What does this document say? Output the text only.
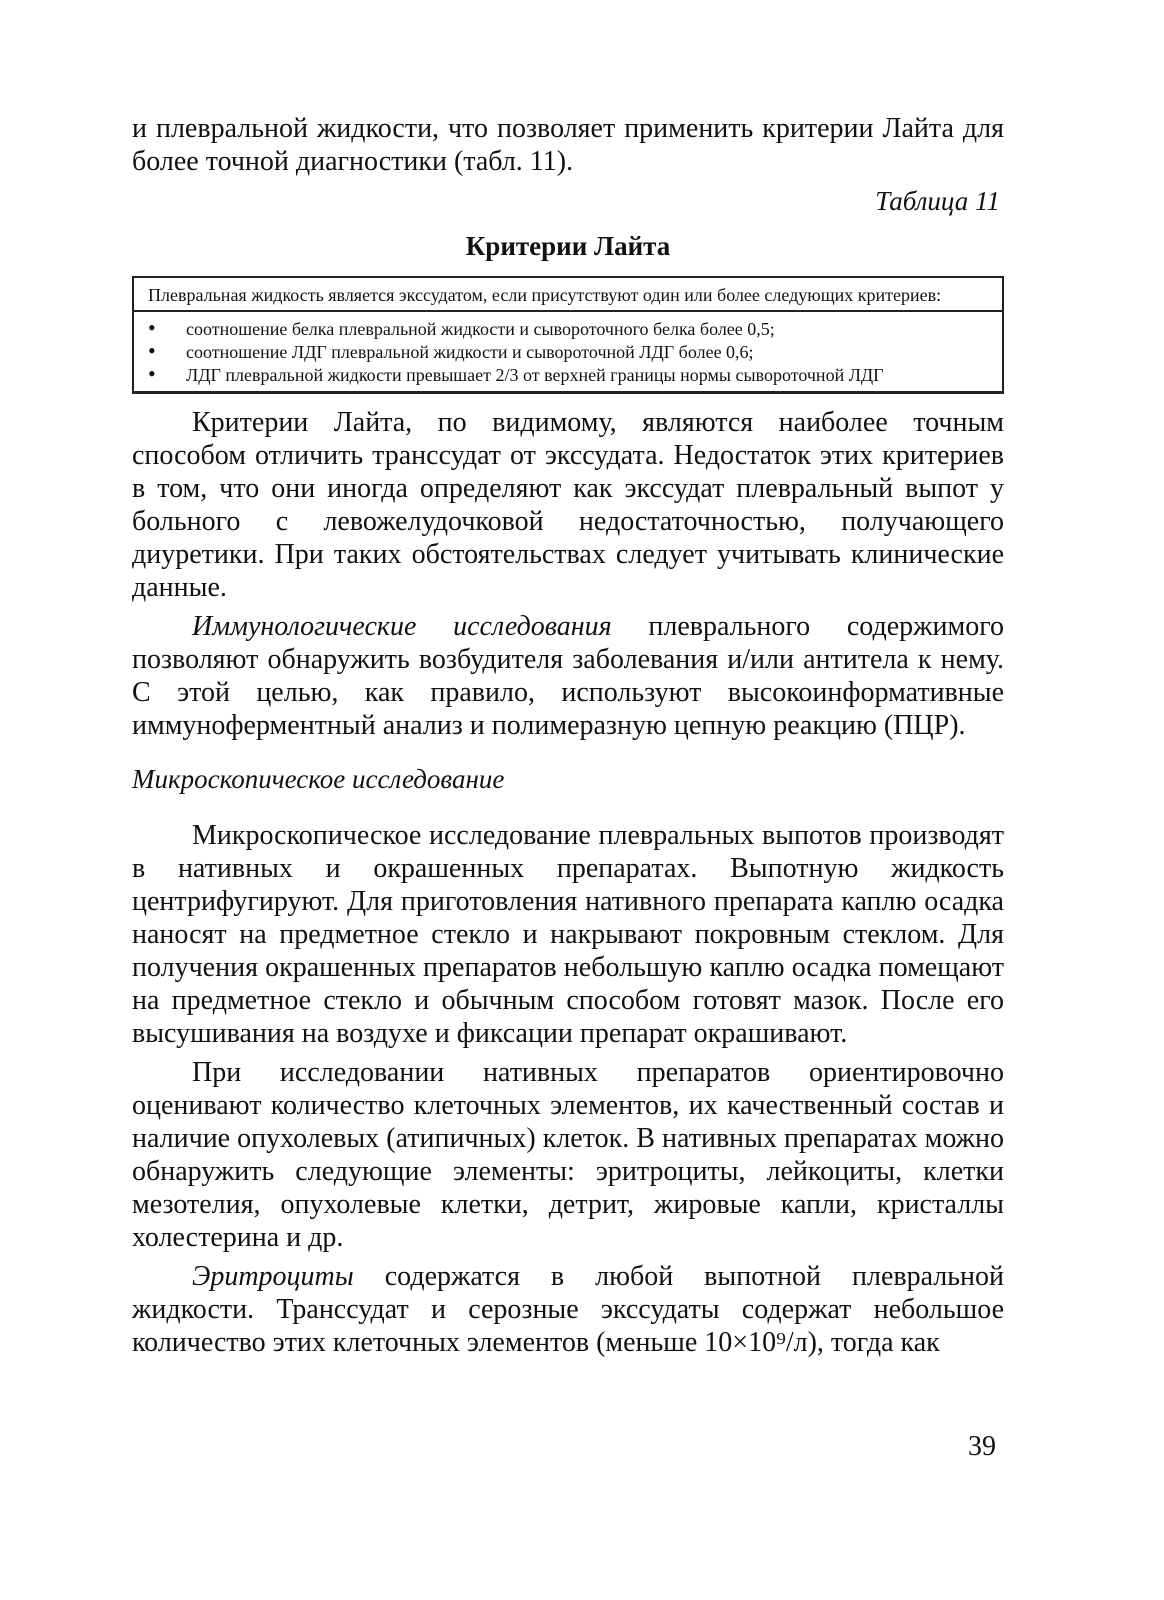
и плевральной жидкости, что позволяет применить критерии Лайта для более точной диагностики (табл. 11).

Таблица 11
Критерии Лайта
Плевральная жидкость является экссудатом, если присутствуют один или более следующих критериев:
• соотношение белка плевральной жидкости и сывороточного белка более 0,5;
• соотношение ЛДГ плевральной жидкости и сывороточной ЛДГ более 0,6;
• ЛДГ плевральной жидкости превышает 2/3 от верхней границы нормы сывороточной ЛДГ

Критерии Лайта, по видимому, являются наиболее точным способом отличить транссудат от экссудата. Недостаток этих критериев в том, что они иногда определяют как экссудат плевральный выпот у больного с левожелудочковой недостаточностью, получающего диуретики. При таких обстоятельствах следует учитывать клинические данные.

Иммунологические исследования плеврального содержимого позволяют обнаружить возбудителя заболевания и/или антитела к нему. С этой целью, как правило, используют высокоинформативные иммуноферментный анализ и полимеразную цепную реакцию (ПЦР).

Микроскопическое исследование

Микроскопическое исследование плевральных выпотов производят в нативных и окрашенных препаратах. Выпотную жидкость центрифугируют. Для приготовления нативного препарата каплю осадка наносят на предметное стекло и накрывают покровным стеклом. Для получения окрашенных препаратов небольшую каплю осадка помещают на предметное стекло и обычным способом готовят мазок. После его высушивания на воздухе и фиксации препарат окрашивают.

При исследовании нативных препаратов ориентировочно оценивают количество клеточных элементов, их качественный состав и наличие опухолевых (атипичных) клеток. В нативных препаратах можно обнаружить следующие элементы: эритроциты, лейкоциты, клетки мезотелия, опухолевые клетки, детрит, жировые капли, кристаллы холестерина и др.

Эритроциты содержатся в любой выпотной плевральной жидкости. Транссудат и серозные экссудаты содержат небольшое количество этих клеточных элементов (меньше 10×10⁹/л), тогда как

39
